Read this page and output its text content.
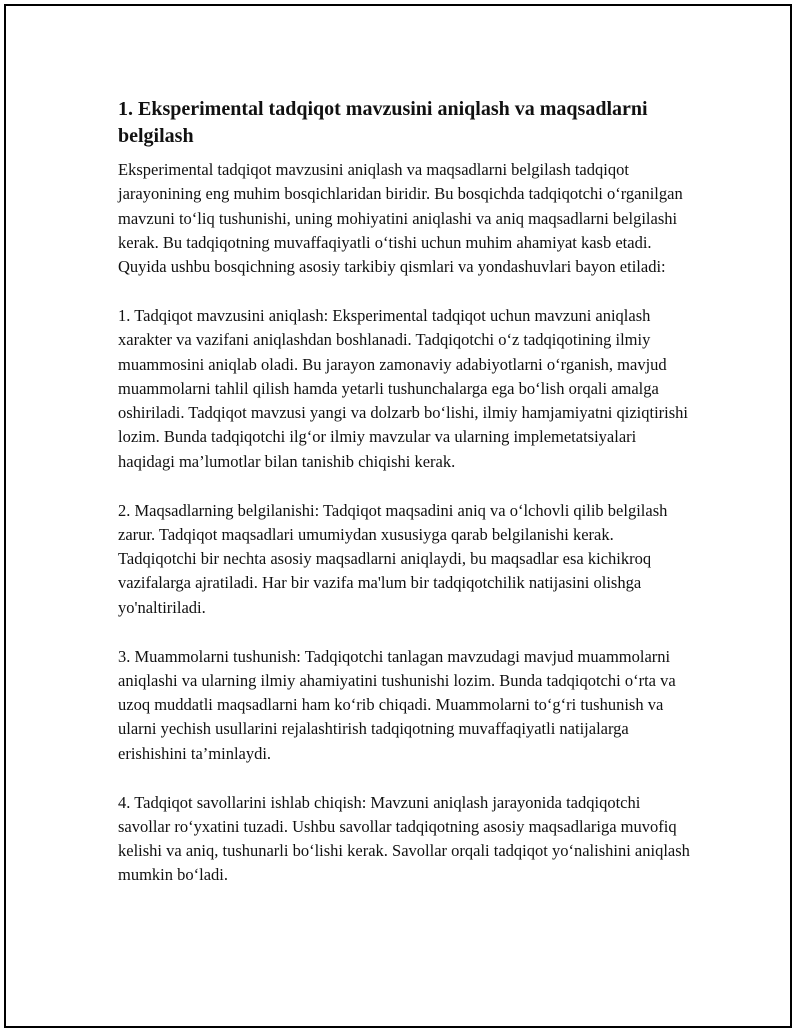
1. Eksperimental tadqiqot mavzusini aniqlash va maqsadlarni belgilash

Eksperimental tadqiqot mavzusini aniqlash va maqsadlarni belgilash tadqiqot jarayonining eng muhim bosqichlaridan biridir. Bu bosqichda tadqiqotchi o‘rganilgan mavzuni to‘liq tushunishi, uning mohiyatini aniqlashi va aniq maqsadlarni belgilashi kerak. Bu tadqiqotning muvaffaqiyatli o‘tishi uchun muhim ahamiyat kasb etadi. Quyida ushbu bosqichning asosiy tarkibiy qismlari va yondashuvlari bayon etiladi:

1. Tadqiqot mavzusini aniqlash: Eksperimental tadqiqot uchun mavzuni aniqlash xarakter va vazifani aniqlashdan boshlanadi. Tadqiqotchi o‘z tadqiqotining ilmiy muammosini aniqlab oladi. Bu jarayon zamonaviy adabiyotlarni o‘rganish, mavjud muammolarni tahlil qilish hamda yetarli tushunchalarga ega bo‘lish orqali amalga oshiriladi. Tadqiqot mavzusi yangi va dolzarb bo‘lishi, ilmiy hamjamiyatni qiziqtirishi lozim. Bunda tadqiqotchi ilg‘or ilmiy mavzular va ularning implemetatsiyalari haqidagi ma’lumotlar bilan tanishib chiqishi kerak.

2. Maqsadlarning belgilanishi: Tadqiqot maqsadini aniq va o‘lchovli qilib belgilash zarur. Tadqiqot maqsadlari umumiydan xususiyga qarab belgilanishi kerak. Tadqiqotchi bir nechta asosiy maqsadlarni aniqlaydi, bu maqsadlar esa kichikroq vazifalarga ajratiladi. Har bir vazifa ma'lum bir tadqiqotchilik natijasini olishga yo'naltiriladi.

3. Muammolarni tushunish: Tadqiqotchi tanlagan mavzudagi mavjud muammolarni aniqlashi va ularning ilmiy ahamiyatini tushunishi lozim. Bunda tadqiqotchi o‘rta va uzoq muddatli maqsadlarni ham ko‘rib chiqadi. Muammolarni to‘g‘ri tushunish va ularni yechish usullarini rejalashtirish tadqiqotning muvaffaqiyatli natijalarga erishishini ta’minlaydi.

4. Tadqiqot savollarini ishlab chiqish: Mavzuni aniqlash jarayonida tadqiqotchi savollar ro‘yxatini tuzadi. Ushbu savollar tadqiqotning asosiy maqsadlariga muvofiq kelishi va aniq, tushunarli bo‘lishi kerak. Savollar orqali tadqiqot yo‘nalishini aniqlash mumkin bo‘ladi.
